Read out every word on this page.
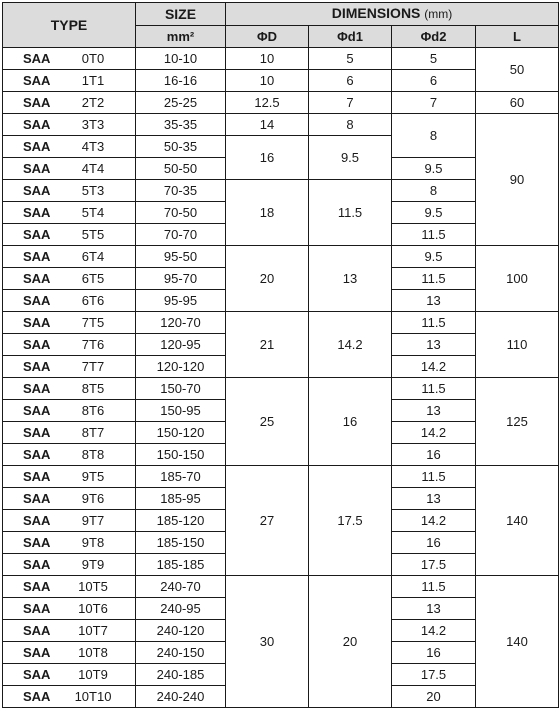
TYPE	SIZE	DIMENSIONS (mm)			
	mm²	ΦD	Φd1	Φd2	L
SAA 0T0	10-10	10	5	5	50
SAA 1T1	16-16	10	6	6	
SAA 2T2	25-25	12.5	7	7	60
SAA 3T3	35-35	14	8	8	90
SAA 4T3	50-35	16	9.5		
SAA 4T4	50-50			9.5	
SAA 5T3	70-35	18	11.5	8	
SAA 5T4	70-50			9.5	
SAA 5T5	70-70			11.5	
SAA 6T4	95-50	20	13	9.5	100
SAA 6T5	95-70			11.5	
SAA 6T6	95-95			13	
SAA 7T5	120-70	21	14.2	11.5	110
SAA 7T6	120-95			13	
SAA 7T7	120-120			14.2	
SAA 8T5	150-70	25	16	11.5	125
SAA 8T6	150-95			13	
SAA 8T7	150-120			14.2	
SAA 8T8	150-150			16	
SAA 9T5	185-70	27	17.5	11.5	140
SAA 9T6	185-95			13	
SAA 9T7	185-120			14.2	
SAA 9T8	185-150			16	
SAA 9T9	185-185			17.5	
SAA 10T5	240-70	30	20	11.5	140
SAA 10T6	240-95			13	
SAA 10T7	240-120			14.2	
SAA 10T8	240-150			16	
SAA 10T9	240-185			17.5	
SAA 10T10	240-240			20	
